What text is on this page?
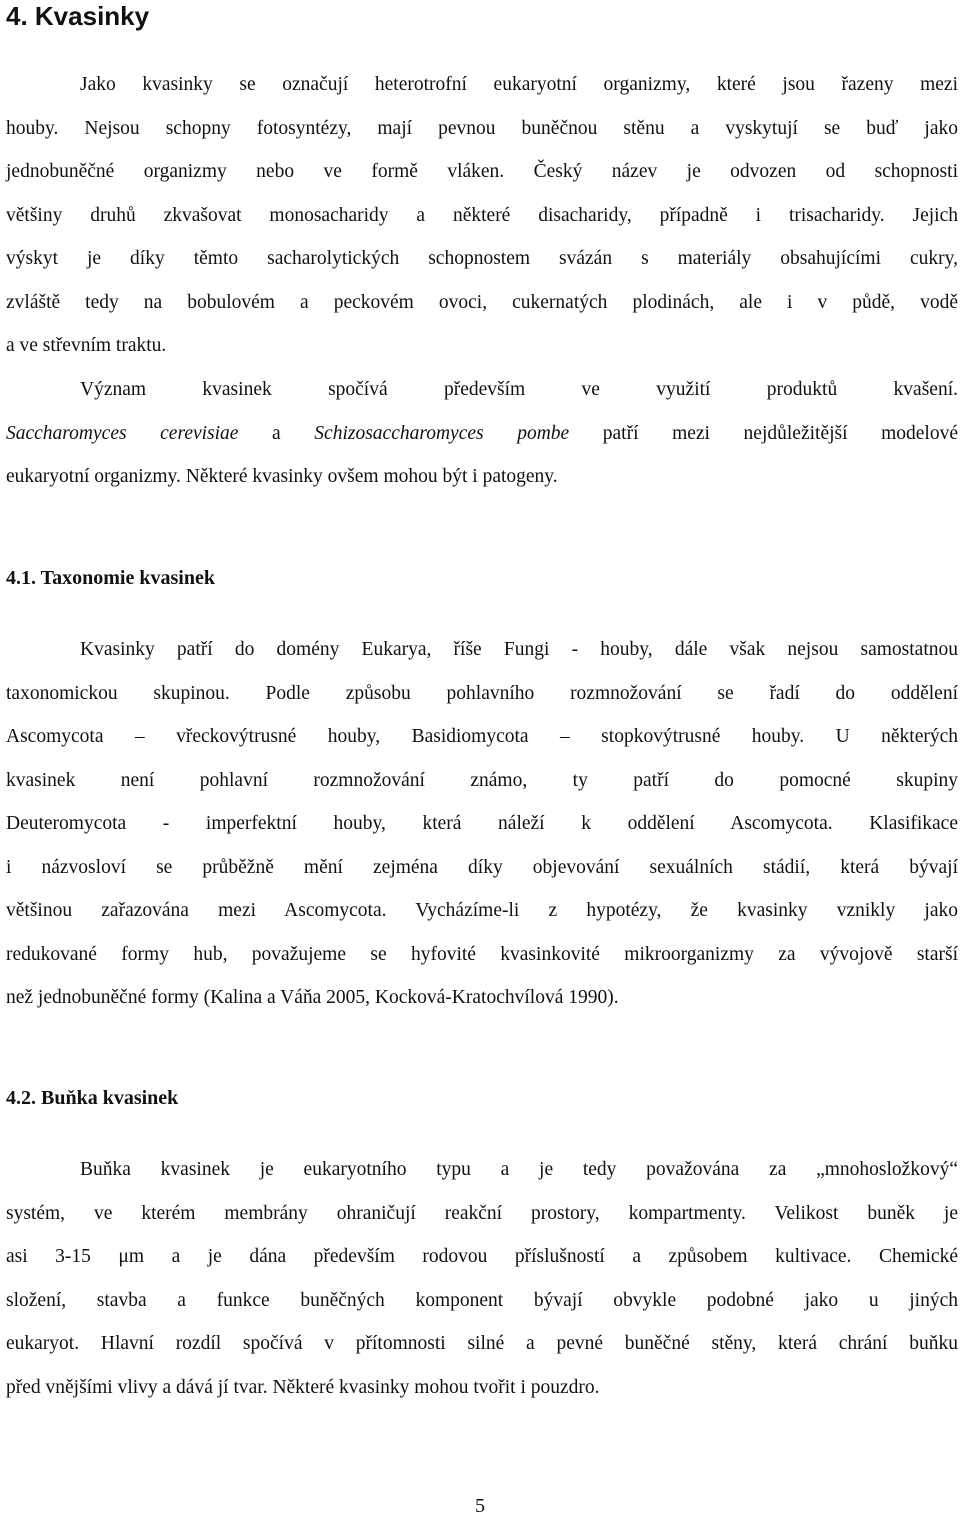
4. Kvasinky
Jako kvasinky se označují heterotrofní eukaryotní organizmy, které jsou řazeny mezi
houby. Nejsou schopny fotosyntézy, mají pevnou buněčnou stěnu a vyskytují se buď jako
jednobuněčné organizmy nebo ve formě vláken. Český název je odvozen od schopnosti
většiny druhů zkvašovat monosacharidy a některé disacharidy, případně i trisacharidy. Jejich
výskyt je díky těmto sacharolytických schopnostem svázán s materiály obsahujícími cukry,
zvláště tedy na bobulovém a peckovém ovoci, cukernatých plodinách, ale i v půdě, vodě
a ve střevním traktu.
Význam kvasinek spočívá především ve využití produktů kvašení.
Saccharomyces cerevisiae a Schizosaccharomyces pombe patří mezi nejdůležitější modelové
eukaryotní organizmy. Některé kvasinky ovšem mohou být i patogeny.
4.1. Taxonomie kvasinek
Kvasinky patří do domény Eukarya, říše Fungi - houby, dále však nejsou samostatnou
taxonomickou skupinou. Podle způsobu pohlavního rozmnožování se řadí do oddělení
Ascomycota – vřeckovýtrusné houby, Basidiomycota – stopkovýtrusné houby. U některých
kvasinek není pohlavní rozmnožování známo, ty patří do pomocné skupiny
Deuteromycota - imperfektní houby, která náleží k oddělení Ascomycota. Klasifikace
i názvosloví se průběžně mění zejména díky objevování sexuálních stádií, která bývají
většinou zařazována mezi Ascomycota. Vycházíme-li z hypotézy, že kvasinky vznikly jako
redukované formy hub, považujeme se hyfovité kvasinkovité mikroorganizmy za vývojově starší
než jednobuněčné formy (Kalina a Váňa 2005, Kocková-Kratochvílová 1990).
4.2. Buňka kvasinek
Buňka kvasinek je eukaryotního typu a je tedy považována za „mnohosložkový“
systém, ve kterém membrány ohraničují reakční prostory, kompartmenty. Velikost buněk je
asi 3-15 μm a je dána především rodovou příslušností a způsobem kultivace. Chemické
složení, stavba a funkce buněčných komponent bývají obvykle podobné jako u jiných
eukaryot. Hlavní rozdíl spočívá v přítomnosti silné a pevné buněčné stěny, která chrání buňku
před vnějšími vlivy a dává jí tvar. Některé kvasinky mohou tvořit i pouzdro.

5
